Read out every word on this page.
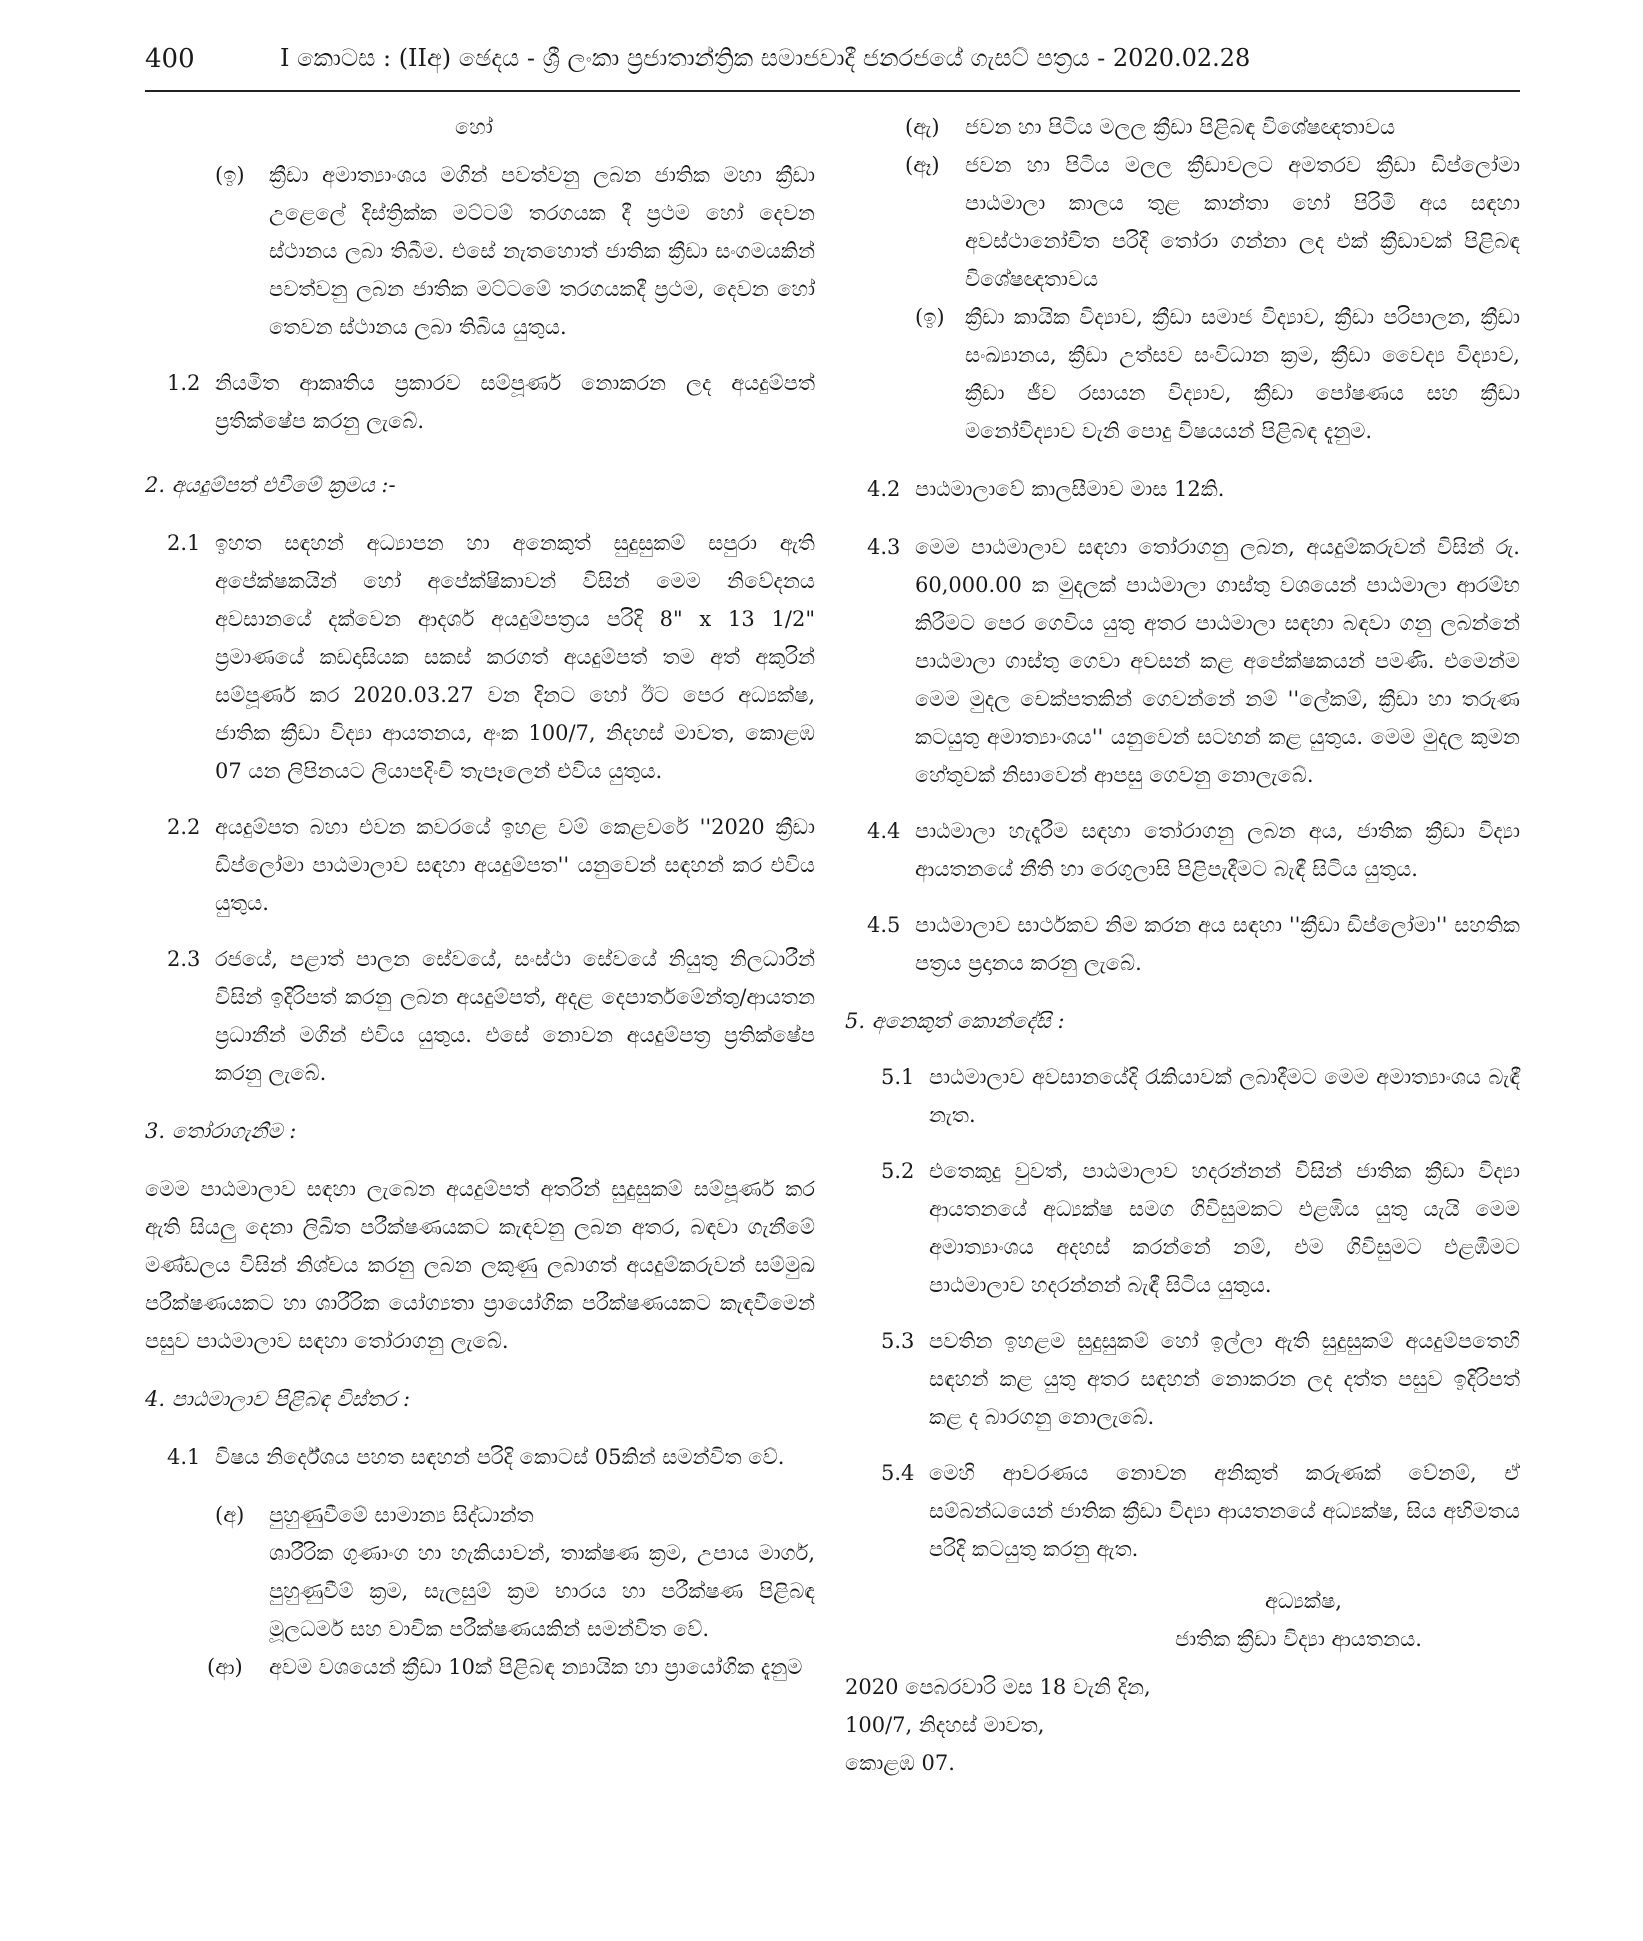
400	I කොටස : (IIඅ) ඡෙදය - ශ්‍රී ලංකා ප්‍රජාතාන්ත්‍රික සමාජවාදී ජනරජයේ ගැසට් පත්‍රය - 2020.02.28

හෝ

(ඉ)	ක්‍රීඩා අමාත්‍යාංශය මගින් පවත්වනු ලබන ජාතික මහා ක්‍රීඩා උළෙලේ දිස්ත්‍රික්ක මට්ටම් තරගයක දී ප්‍රථම හෝ දෙවන ස්ථානය ලබා තිබීම. එසේ නැතහොත් ජාතික ක්‍රීඩා සංගමයකින් පවත්වනු ලබන ජාතික මට්ටමේ තරගයකදී ප්‍රථම, දෙවන හෝ තෙවන ස්ථානය ලබා තිබිය යුතුය.

1.2 නියමිත ආකෘතිය ප්‍රකාරව සම්පූර්ණ නොකරන ලද අයදුම්පත් ප්‍රතික්ෂේප කරනු ලැබේ.

2. අයදුම්පත් එවීමේ ක්‍රමය :-

2.1 ඉහත සඳහන් අධ්‍යාපන හා අනෙකුත් සුදුසුකම් සපුරා ඇති අපේක්ෂකයින් හෝ අපේක්ෂිකාවන් විසින් මෙම නිවේදනය අවසානයේ දක්වෙන ආදර්ශ අයදුම්පත්‍රය පරිදි 8" x 13 1/2" ප්‍රමාණයේ කඩදාසියක සකස් කරගත් අයදුම්පත් තම අත් අකුරින් සම්පූර්ණ කර 2020.03.27 වන දිනට හෝ ඊට පෙර අධ්‍යක්ෂ, ජාතික ක්‍රීඩා විද්‍යා ආයතනය, අංක 100/7, නිදහස් මාවත, කොළඹ 07 යන ලිපිනයට ලියාපදිංචි තැපෑලෙන් එවිය යුතුය.

2.2 අයදුම්පත බහා එවන කවරයේ ඉහළ වම් කෙළවරේ ''2020 ක්‍රීඩා ඩිප්ලෝමා පාඨමාලාව සඳහා අයදුම්පත'' යනුවෙන් සඳහන් කර එවිය යුතුය.

2.3 රජයේ, පළාත් පාලන සේවයේ, සංස්ථා සේවයේ නියුතු නිලධාරීන් විසින් ඉදිරිපත් කරනු ලබන අයදුම්පත්, අදළ දෙපාර්තමේන්තු/ආයතන ප්‍රධානීන් මගින් එවිය යුතුය. එසේ නොවන අයදුම්පත්‍ර ප්‍රතික්ෂේප කරනු ලැබේ.

3. තෝරාගැනීම :

මෙම පාඨමාලාව සඳහා ලැබෙන අයදුම්පත් අතරින් සුදුසුකම් සම්පූර්ණ කර ඇති සියලු දෙනා ලිඛිත පරීක්ෂණයකට කැඳවනු ලබන අතර, බඳවා ගැනීමේ මණ්ඩලය විසින් නිශ්චය කරනු ලබන ලකුණු ලබාගත් අයදුම්කරුවන් සම්මුඛ පරීක්ෂණයකට හා ශාරීරික යෝග්‍යතා ප්‍රායෝගික පරීක්ෂණයකට කැඳවීමෙන් පසුව පාඨමාලාව සඳහා තෝරාගනු ලැබේ.

4. පාඨමාලාව පිළිබඳ විස්තර :

4.1 විෂය නිර්දේශය පහත සඳහන් පරිදි කොටස් 05කින් සමන්විත වේ.

(අ)	පුහුණුවීමේ සාමාන්‍ය සිද්ධාන්ත

ශාරීරික ගුණාංග හා හැකියාවන්, තාක්ෂණ ක්‍රම, උපාය මාර්ග, පුහුණුවීම් ක්‍රම, සැලසුම් ක්‍රම භාරය හා පරීක්ෂණ පිළිබඳ මූලධර්ම සහ වාචික පරීක්ෂණයකින් සමන්විත වේ.

(ආ)	අවම වශයෙන් ක්‍රීඩා 10ක් පිළිබඳ න්‍යායික හා ප්‍රායෝගික දැනුම

(ඇ)	ජවන හා පිටිය මලල ක්‍රීඩා පිළිබඳ විශේෂඥතාවය

(ඈ)	ජවන හා පිටිය මලල ක්‍රීඩාවලට අමතරව ක්‍රීඩා ඩිප්ලෝමා පාඨමාලා කාලය තුළ කාන්තා හෝ පිරිමි අය සඳහා අවස්ථානෝචිත පරිදි තෝරා ගන්නා ලද එක් ක්‍රීඩාවක් පිළිබඳ විශේෂඥතාවය

(ඉ) ක්‍රීඩා කායික විද්‍යාව, ක්‍රීඩා සමාජ විද්‍යාව, ක්‍රීඩා පරිපාලන, ක්‍රීඩා සංඛ්‍යානය, ක්‍රීඩා උත්සව සංවිධාන ක්‍රම, ක්‍රීඩා වෛද්‍ය විද්‍යාව, ක්‍රීඩා ජීව රසායන විද්‍යාව, ක්‍රීඩා පෝෂණය සහ ක්‍රීඩා මනෝවිද්‍යාව වැනි පොදු විෂයයන් පිළිබඳ දැනුම.

4.2 පාඨමාලාවේ කාලසීමාව මාස 12කි.

4.3 මෙම පාඨමාලාව සඳහා තෝරාගනු ලබන, අයදුම්කරුවන් විසින් රු. 60,000.00 ක මුදලක් පාඨමාලා ගාස්තු වශයෙන් පාඨමාලා ආරම්භ කිරීමට පෙර ගෙවිය යුතු අතර පාඨමාලා සඳහා බඳවා ගනු ලබන්නේ පාඨමාලා ගාස්තු ගෙවා අවසන් කළ අපේක්ෂකයන් පමණි. එමෙන්ම මෙම මුදල චෙක්පතකින් ගෙවන්නේ නම් ''ලේකම්, ක්‍රීඩා හා තරුණ කටයුතු අමාත්‍යාංශය'' යනුවෙන් සටහන් කළ යුතුය. මෙම මුදල කුමන හේතුවක් නිසාවෙන් ආපසු ගෙවනු නොලැබේ.

4.4 පාඨමාලා හැදෑරීම සඳහා තෝරාගනු ලබන අය, ජාතික ක්‍රීඩා විද්‍යා ආයතනයේ නීති හා රෙගුලාසි පිළිපැදීමට බැඳී සිටිය යුතුය.

4.5 පාඨමාලාව සාර්ථකව නිම කරන අය සඳහා ''ක්‍රීඩා ඩිප්ලෝමා'' සහතික පත්‍රය ප්‍රදානය කරනු ලැබේ.

5. අනෙකුත් කොන්දේසි :

5.1 පාඨමාලාව අවසානයේදි රැකියාවක් ලබාදීමට මෙම අමාත්‍යාංශය බැඳී නැත.

5.2 එතෙකුදු වුවත්, පාඨමාලාව හදරන්නන් විසින් ජාතික ක්‍රීඩා විද්‍යා ආයතනයේ අධ්‍යක්ෂ සමග ගිවිසුමකට එළඹිය යුතු යැයි මෙම අමාත්‍යාංශය අදහස් කරන්නේ නම්, එම ගිවිසුමට එළඹීමට පාඨමාලාව හදරන්නන් බැඳී සිටිය යුතුය.

5.3 පවතින ඉහළම සුදුසුකම් හෝ ඉල්ලා ඇති සුදුසුකම් අයදුම්පතෙහි සඳහන් කළ යුතු අතර සඳහන් නොකරන ලද දත්ත පසුව ඉදිරිපත් කළ ද බාරගනු නොලැබේ.

5.4 මෙහි ආවරණය නොවන අනිකුත් කරුණක් වේනම්, ඒ සම්බන්ධයෙන් ජාතික ක්‍රීඩා විද්‍යා ආයතනයේ අධ්‍යක්ෂ, සිය අභිමතය පරිදි කටයුතු කරනු ඇත.

අධ්‍යක්ෂ,

ජාතික ක්‍රීඩා විද්‍යා ආයතනය.

2020 පෙබරවාරි මස 18 වැනි දින,

100/7, නිදහස් මාවත,

කොළඹ 07.
